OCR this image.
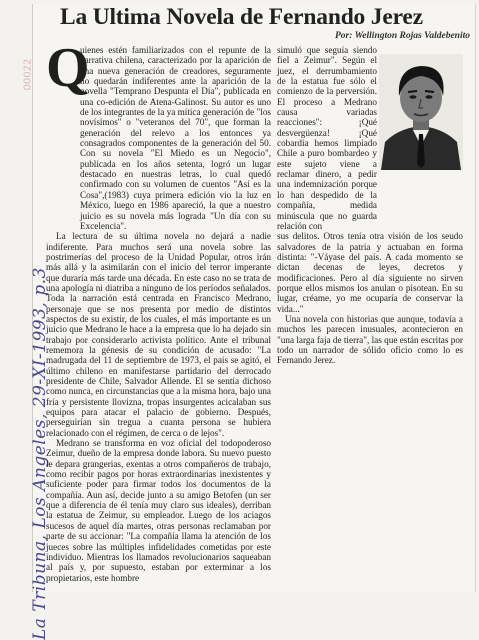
00022
La Tribuna, Los Angeles, 29-XI-1993, p.3
La Ultima Novela de Fernando Jerez
Por: Wellington Rojas Valdebenito
Q

uienes estén familiarizados con el repunte de la narrativa chilena, caracterizado por la aparición de una nueva generación de creadores, seguramente no quedarán indiferentes ante la aparición de la novella "Temprano Despunta el Día", publicada en una co-edición de Atena-Galinost. Su autor es uno de los integrantes de la ya mítica generación de "los novísimos" o "veteranos del 70", que forman la generación del relevo a los entonces ya consagrados componentes de la generación del 50. Con su novela "El Miedo es un Negocio", publicada en los años setenta, logró un lugar destacado en nuestras letras, lo cual quedó confirmado con su volumen de cuentos "Así es la Cosa",(1983) cuya primera edición vio la luz en México, luego en 1986 apareció, la que a nuestro juicio es su novela más lograda "Un día con su Excelencia".

La lectura de su última novela no dejará a nadie indiferente. Para muchos será una novela sobre las postrimerías del proceso de la Unidad Popular, otros irán más allá y la asimilarán con el inicio del terror imperante que duraría más tarde una década. En este caso no se trata de una apología ni diatriba a ninguno de los períodos señalados. Toda la narración está centrada en Francisco Medrano, personaje que se nos presenta por medio de distintos aspectos de su existir, de los cuales, el más importante es un juicio que Medrano le hace a la empresa que lo ha dejado sin trabajo por considerarlo activista político. Ante el tribunal rememora la génesis de su condición de acusado: "La madrugada del 11 de septiembre de 1973, el país se agitó, el último chileno en manifestarse partidario del derrocado presidente de Chile, Salvador Allende. El se sentía dichoso como nunca, en circunstancias que a la misma hora, bajo una fría y persistente llovizna, tropas insurgentes acicalaban sus equipos para atacar el palacio de gobierno. Después, perseguirían sin tregua a cuanta persona se hubiera relacionado con el régimen, de cerca o de lejos".

Medrano se transforma en voz oficial del todopoderoso Zeimur, dueño de la empresa donde labora. Su nuevo puesto le depara grangerias, exentas a otros compañeros de trabajo, como recibir pagos por horas extraordinarias inexistentes y suficiente poder para firmar todos los documentos de la compañía. Aun así, decide junto a su amigo Betofen (un ser que a diferencia de él tenía muy claro sus ideales), derriban la estatua de Zeimur, su empleador. Luego de los aciagos sucesos de aquel día martes, otras personas reclamaban por parte de su accionar: "La compañía llama la atención de los jueces sobre las múltiples infidelidades cometidas por este individuo. Mientras los llamados revolucionarios saqueaban al país y, por supuesto, estaban por exterminar a los propietarios, este hombre

simuló que seguía siendo fiel a Zeimur". Según el juez, el derrumbamiento de la estatua fue sólo el comienzo de la perversión. El proceso a Medrano causa variadas reacciones": ¡Qué desvergüenza! ¡Qué cobardía hemos limpiado Chile a puro bombardeo y este sujeto viene a reclamar dinero, a pedir una indemnización porque lo han despedido de la compañía, medida minúscula que no guarda relación con
sus delitos. Otros tenía otra visión de los seudo salvadores de la patria y actuaban en forma distinta: "-Váyase del país. A cada momento se dictan decenas de leyes, decretos y modificaciones. Pero al día siguiente no sirven porque ellos mismos los anulan o pisotean. En su lugar, créame, yo me ocuparía de conservar la vida..."

Una novela con historias que aunque, todavía a muchos les parecen inusuales, acontecieron en "una larga faja de tierra", las que están escritas por todo un narrador de sólido oficio como lo es Fernando Jerez.
